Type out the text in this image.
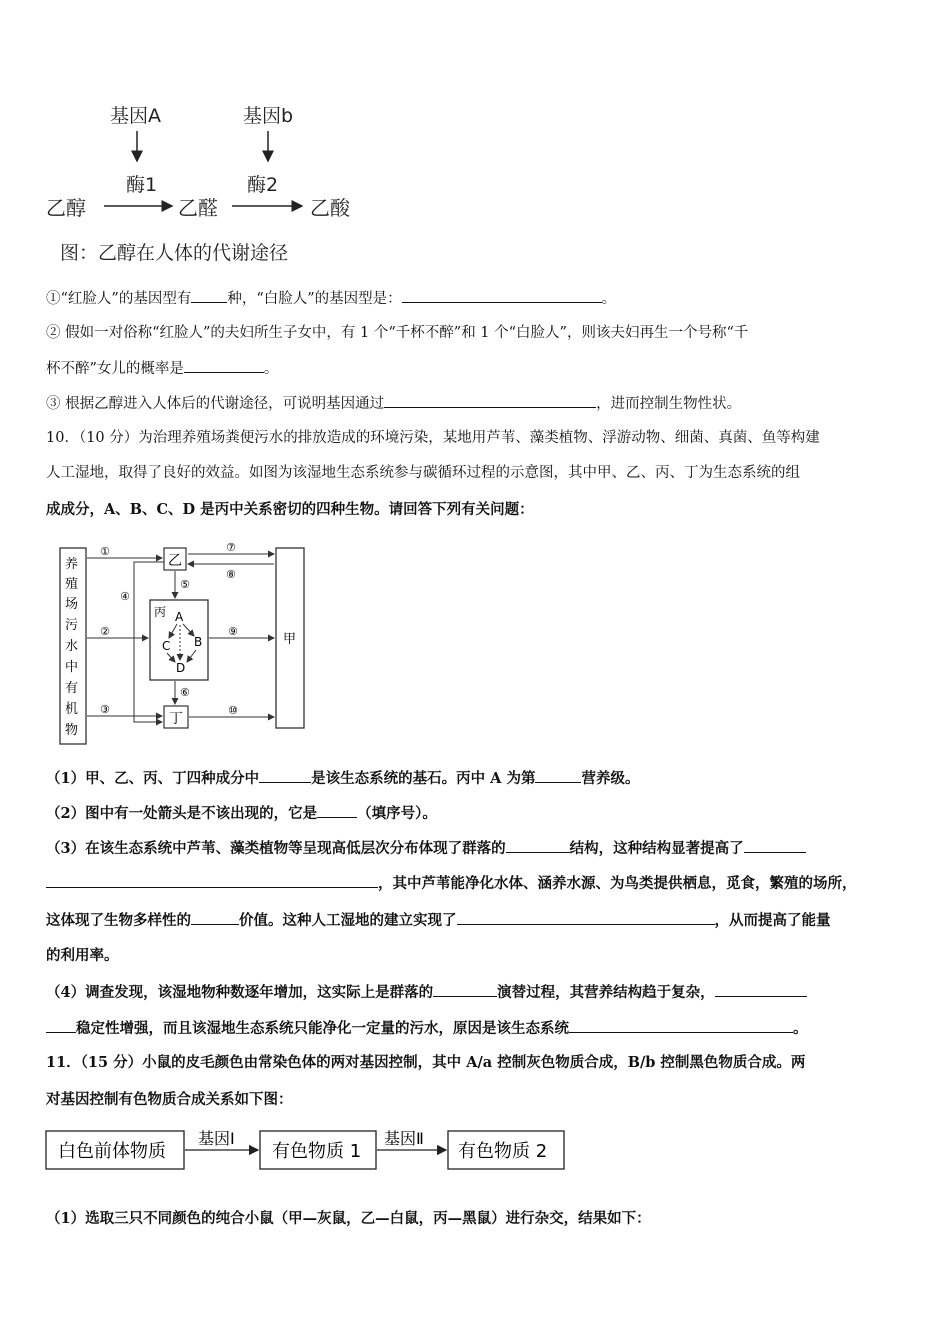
基因A	基因b
酶1	酶2
乙醇	乙醛	乙酸
图：乙醇在人体的代谢途径
①“红脸人”的基因型有 种，“白脸人”的基因型是：	。
② 假如一对俗称“红脸人”的夫妇所生子女中，有 1 个“千杯不醉”和 1 个“白脸人”，则该夫妇再生一个号称“千
杯不醉”女儿的概率是	。
③ 根据乙醇进入人体后的代谢途径，可说明基因通过	，进而控制生物性状。
10．（10 分）为治理养殖场粪便污水的排放造成的环境污染，某地用芦苇、藻类植物、浮游动物、细菌、真菌、鱼等构建
人工湿地，取得了良好的效益。如图为该湿地生态系统参与碳循环过程的示意图，其中甲、乙、丙、丁为生态系统的组
成成分，A、B、C、D 是丙中关系密切的四种生物。请回答下列有关问题：
养
殖
场
污
水
中
有
机
物
乙
丙 A
B
C
D
丁
甲
①
②
③
④
⑤
⑥
⑦
⑧
⑨
⑩
（1）甲、乙、丙、丁四种成分中	是该生态系统的基石。丙中 A 为第	营养级。
（2）图中有一处箭头是不该出现的，它是	（填序号）。
（3）在该生态系统中芦苇、藻类植物等呈现高低层次分布体现了群落的	结构，这种结构显著提高了
，其中芦苇能净化水体、涵养水源、为鸟类提供栖息，觅食，繁殖的场所，
这体现了生物多样性的	价值。这种人工湿地的建立实现了	，从而提高了能量
的利用率。
（4）调查发现，该湿地物种数逐年增加，这实际上是群落的	演替过程，其营养结构趋于复杂，
稳定性增强，而且该湿地生态系统只能净化一定量的污水，原因是该生态系统	。
11．（15 分）小鼠的皮毛颜色由常染色体的两对基因控制，其中 A/a 控制灰色物质合成，B/b 控制黑色物质合成。两
对基因控制有色物质合成关系如下图：
白色前体物质
基因Ⅰ
有色物质 1
基因Ⅱ
有色物质 2
（1）选取三只不同颜色的纯合小鼠（甲—灰鼠，乙—白鼠，丙—黑鼠）进行杂交，结果如下：
